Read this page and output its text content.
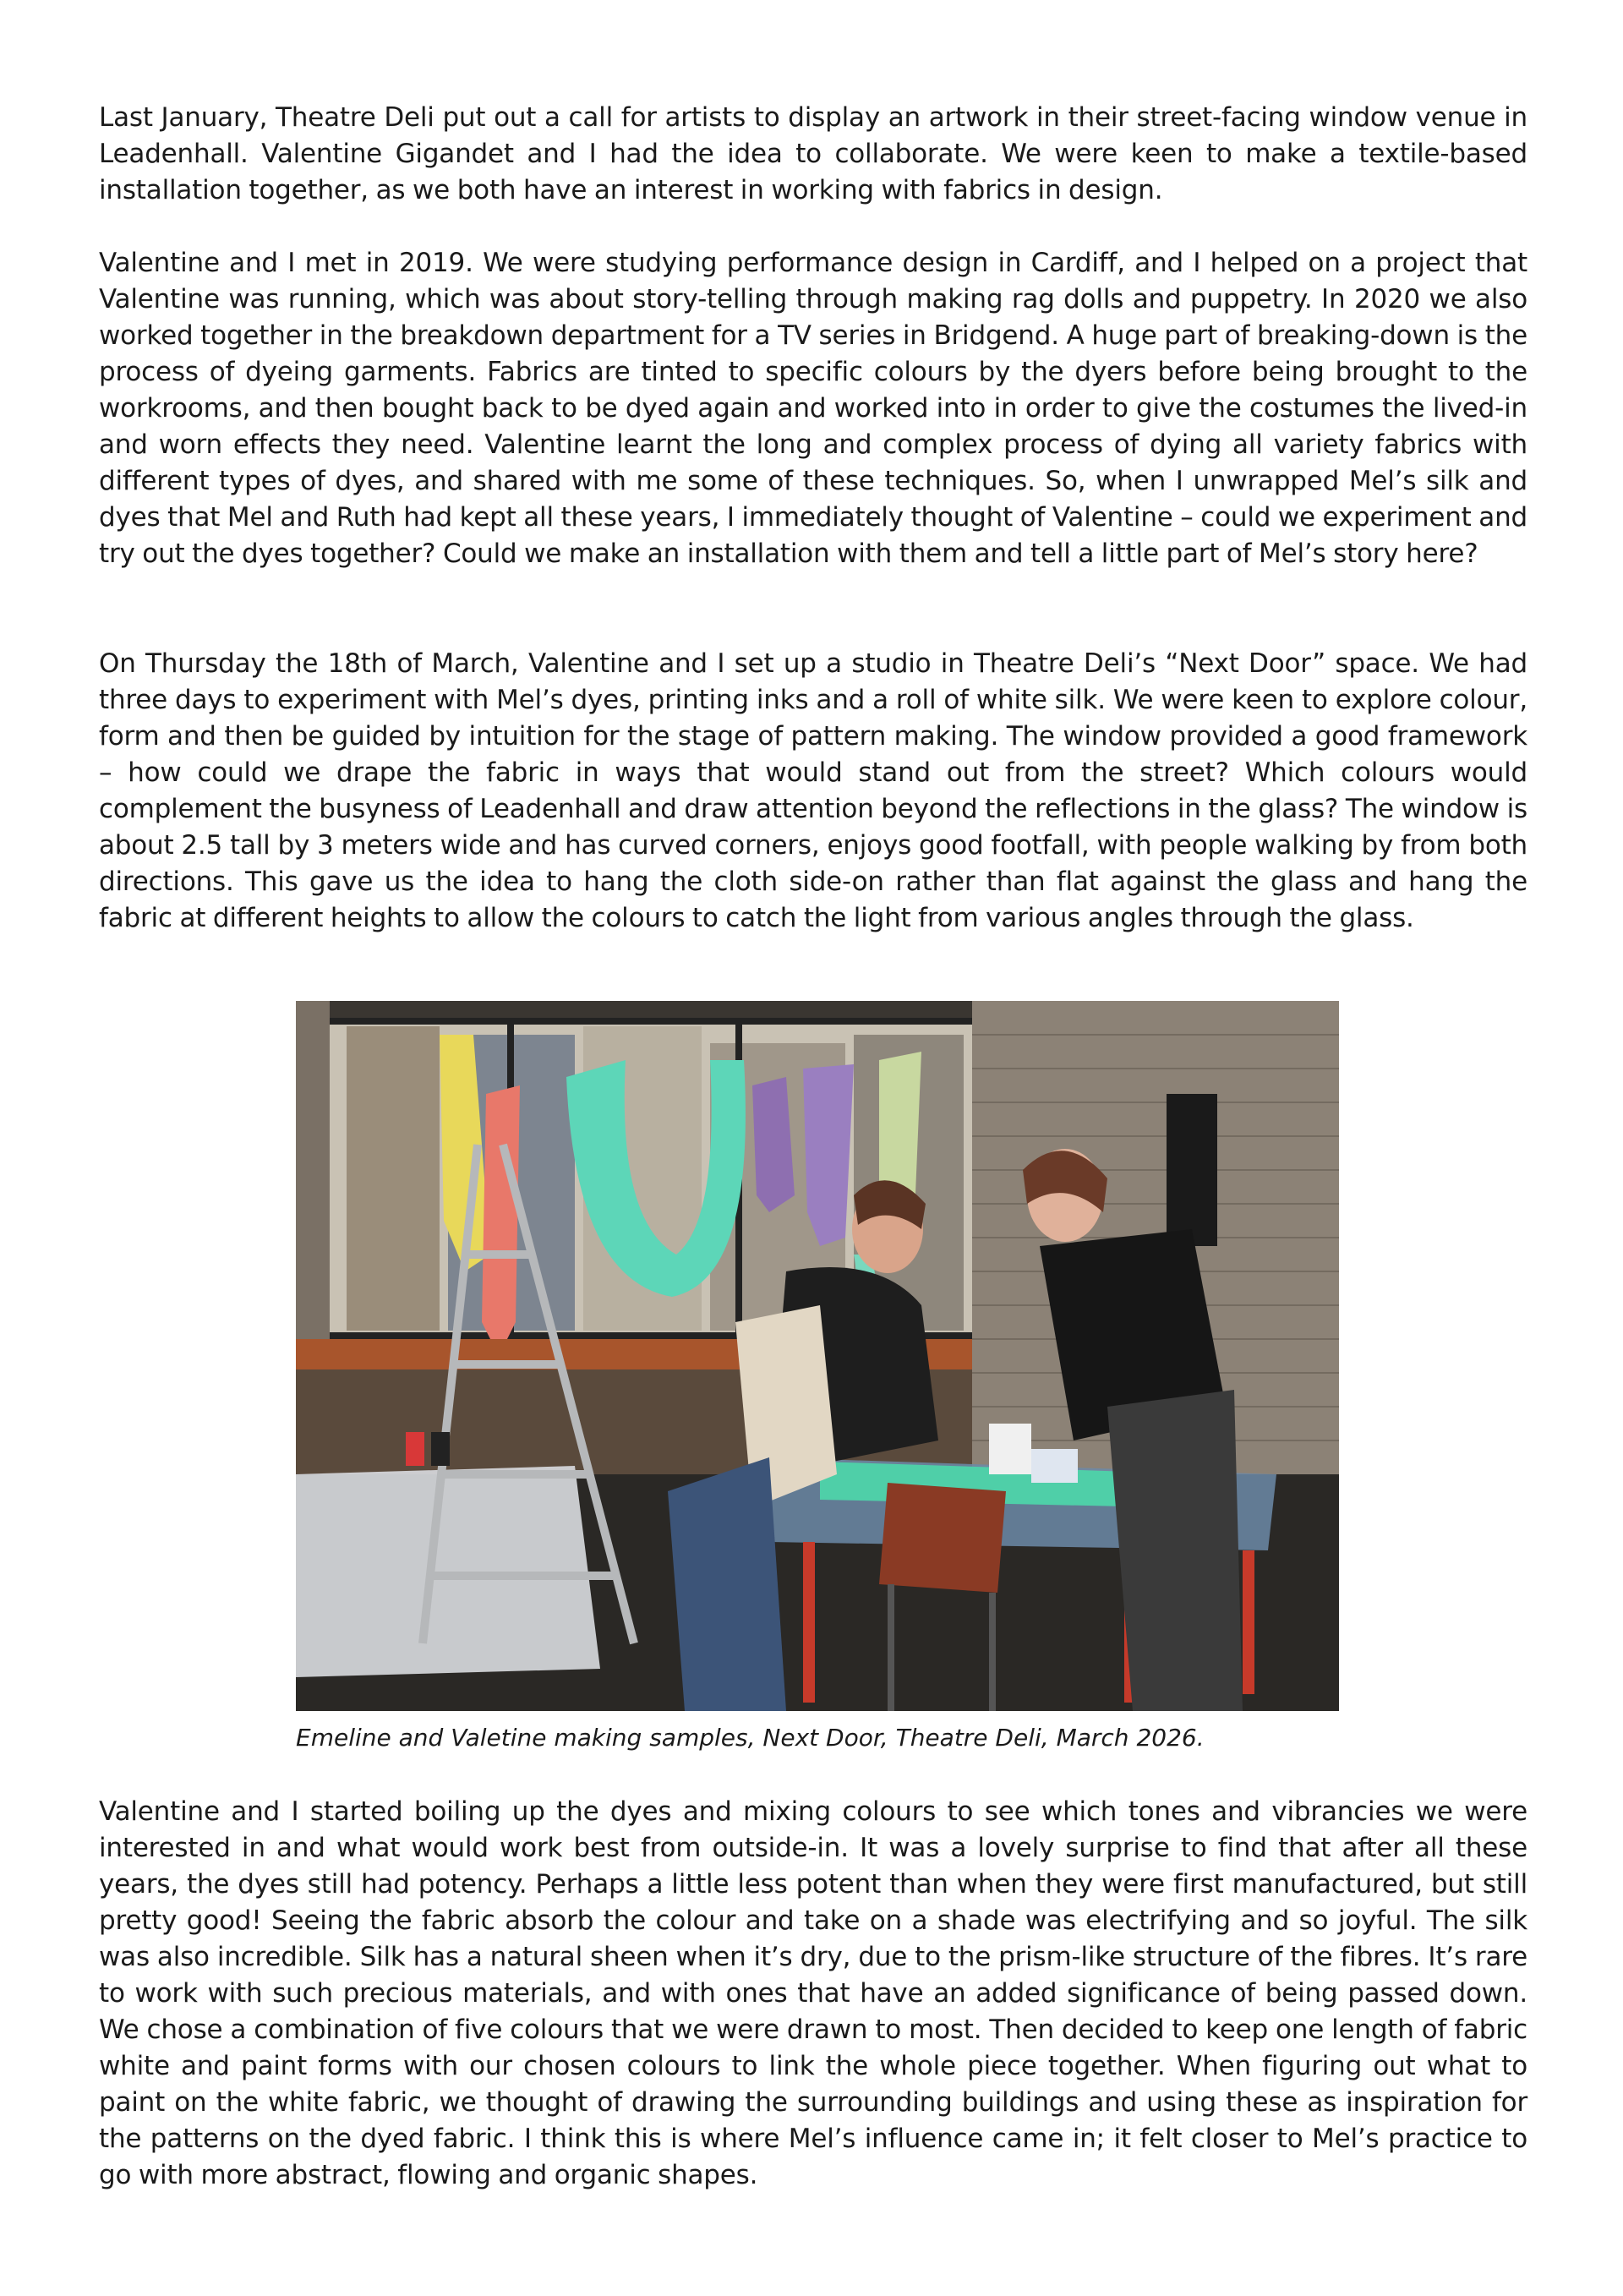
Last January, Theatre Deli put out a call for artists to display an artwork in their street-facing window venue in Leadenhall. Valentine Gigandet and I had the idea to collaborate. We were keen to make a textile-based installation together, as we both have an interest in working with fabrics in design.

Valentine and I met in 2019. We were studying performance design in Cardiff, and I helped on a project that Valentine was running, which was about story-telling through making rag dolls and puppetry. In 2020 we also worked together in the breakdown department for a TV series in Bridgend. A huge part of breaking-down is the process of dyeing garments. Fabrics are tinted to specific colours by the dyers before being brought to the workrooms, and then bought back to be dyed again and worked into in order to give the costumes the lived-in and worn effects they need. Valentine learnt the long and complex process of dying all variety fabrics with different types of dyes, and shared with me some of these techniques. So, when I unwrapped Mel’s silk and dyes that Mel and Ruth had kept all these years, I immediately thought of Valentine – could we experiment and try out the dyes together? Could we make an installation with them and tell a little part of Mel’s story here?

On Thursday the 18th of March, Valentine and I set up a studio in Theatre Deli’s “Next Door” space. We had three days to experiment with Mel’s dyes, printing inks and a roll of white silk. We were keen to explore colour, form and then be guided by intuition for the stage of pattern making. The window provided a good framework – how could we drape the fabric in ways that would stand out from the street? Which colours would complement the busyness of Leadenhall and draw attention beyond the reflections in the glass? The window is about 2.5 tall by 3 meters wide and has curved corners, enjoys good footfall, with people walking by from both directions. This gave us the idea to hang the cloth side-on rather than flat against the glass and hang the fabric at different heights to allow the colours to catch the light from various angles through the glass.

Emeline and Valetine making samples, Next Door, Theatre Deli, March 2026.

Valentine and I started boiling up the dyes and mixing colours to see which tones and vibrancies we were interested in and what would work best from outside-in. It was a lovely surprise to find that after all these years, the dyes still had potency. Perhaps a little less potent than when they were first manufactured, but still pretty good! Seeing the fabric absorb the colour and take on a shade was electrifying and so joyful. The silk was also incredible. Silk has a natural sheen when it’s dry, due to the prism-like structure of the fibres. It’s rare to work with such precious materials, and with ones that have an added significance of being passed down. We chose a combination of five colours that we were drawn to most. Then decided to keep one length of fabric white and paint forms with our chosen colours to link the whole piece together. When figuring out what to paint on the white fabric, we thought of drawing the surrounding buildings and using these as inspiration for the patterns on the dyed fabric. I think this is where Mel’s influence came in; it felt closer to Mel’s practice to go with more abstract, flowing and organic shapes.
